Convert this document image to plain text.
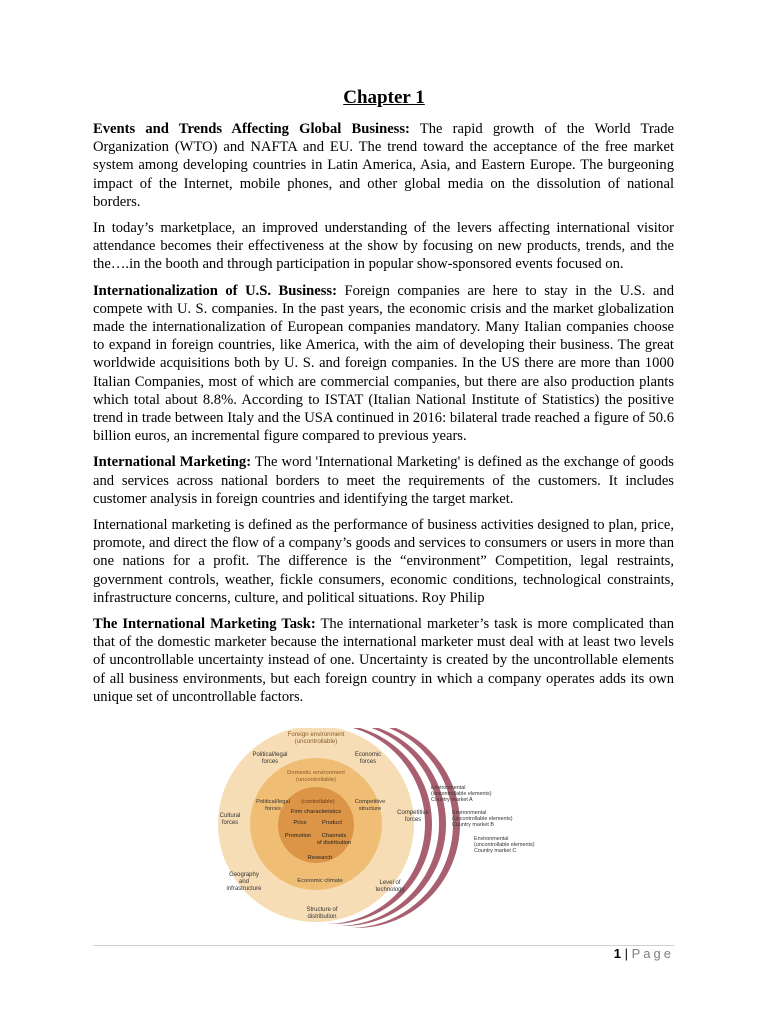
Chapter 1

Events and Trends Affecting Global Business: The rapid growth of the World Trade Organization (WTO) and NAFTA and EU. The trend toward the acceptance of the free market system among developing countries in Latin America, Asia, and Eastern Europe. The burgeoning impact of the Internet, mobile phones, and other global media on the dissolution of national borders.

In today’s marketplace, an improved understanding of the levers affecting international visitor attendance becomes their effectiveness at the show by focusing on new products, trends, and the the….in the booth and through participation in popular show-sponsored events focused on.

Internationalization of U.S. Business: Foreign companies are here to stay in the U.S. and compete with U. S. companies. In the past years, the economic crisis and the market globalization made the internationalization of European companies mandatory. Many Italian companies choose to expand in foreign countries, like America, with the aim of developing their business. The great worldwide acquisitions both by U. S. and foreign companies. In the US there are more than 1000 Italian Companies, most of which are commercial companies, but there are also production plants which total about 8.8%. According to ISTAT (Italian National Institute of Statistics) the positive trend in trade between Italy and the USA continued in 2016: bilateral trade reached a figure of 50.6 billion euros, an incremental figure compared to previous years.

International Marketing: The word 'International Marketing' is defined as the exchange of goods and services across national borders to meet the requirements of the customers. It includes customer analysis in foreign countries and identifying the target market.

International marketing is defined as the performance of business activities designed to plan, price, promote, and direct the flow of a company’s goods and services to consumers or users in more than one nations for a profit. The difference is the “environment” Competition, legal restraints, government controls, weather, fickle consumers, economic conditions, technological constraints, infrastructure concerns, culture, and political situations. Roy Philip

The International Marketing Task: The international marketer’s task is more complicated than that of the domestic marketer because the international marketer must deal with at least two levels of uncontrollable uncertainty instead of one. Uncertainty is created by the uncontrollable elements of all business environments, but each foreign country in which a company operates adds its own unique set of uncontrollable factors.

Foreign environment (uncontrollable)
Political/legal forces
Economic forces
Cultural forces
Competitive forces
Geography and infrastructure
Level of technology
Structure of distribution
Domestic environment (uncontrollable)
Political/legal forces
Competitive structure
Economic climate
(controllable)
Firm characteristics
Price	Product
Promotion	Channels of distribution
Research
Environmental (uncontrollable elements) Country market A
Environmental (uncontrollable elements) Country market B
Environmental (uncontrollable elements) Country market C
1 | Page
